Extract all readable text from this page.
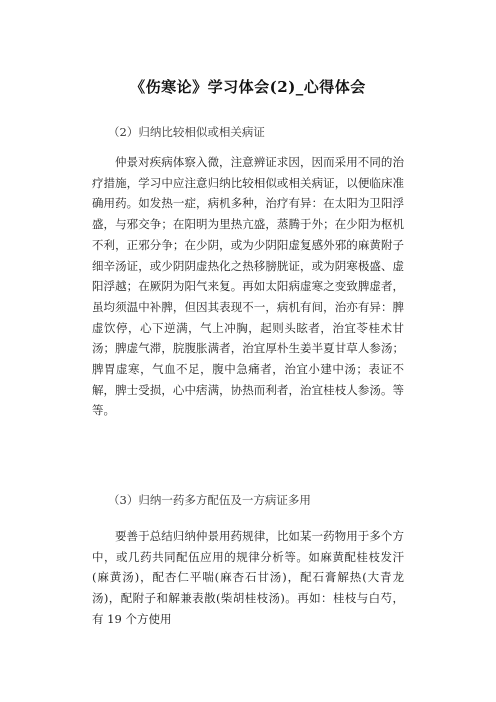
《伤寒论》学习体会(2)_心得体会
（2）归纳比较相似或相关病证

仲景对疾病体察入微，注意辨证求因，因而采用不同的治疗措施，学习中应注意归纳比较相似或相关病证，以便临床准确用药。如发热一症，病机多种，治疗有异：在太阳为卫阳浮盛，与邪交争；在阳明为里热亢盛，蒸腾于外；在少阳为枢机不利，正邪分争；在少阴，或为少阴阳虚复感外邪的麻黄附子细辛汤证，或少阴阴虚热化之热移膀胱证，或为阴寒极盛、虚阳浮越；在厥阴为阳气来复。再如太阳病虚寒之变致脾虚者，虽均须温中补脾，但因其表现不一，病机有间，治亦有异：脾虚饮停，心下逆满，气上冲胸，起则头眩者，治宜苓桂术甘汤；脾虚气滞，脘腹胀满者，治宜厚朴生姜半夏甘草人参汤；脾胃虚寒，气血不足，腹中急痛者，治宜小建中汤；表证不解，脾士受损，心中痞满，协热而利者，治宜桂枝人参汤。等等。

（3）归纳一药多方配伍及一方病证多用

要善于总结归纳仲景用药规律，比如某一药物用于多个方中，或几药共同配伍应用的规律分析等。如麻黄配桂枝发汗(麻黄汤)，配杏仁平喘(麻杏石甘汤)，配石膏解热(大青龙汤)，配附子和解兼表散(柴胡桂枝汤)。再如：桂枝与白芍，有 19 个方使用
